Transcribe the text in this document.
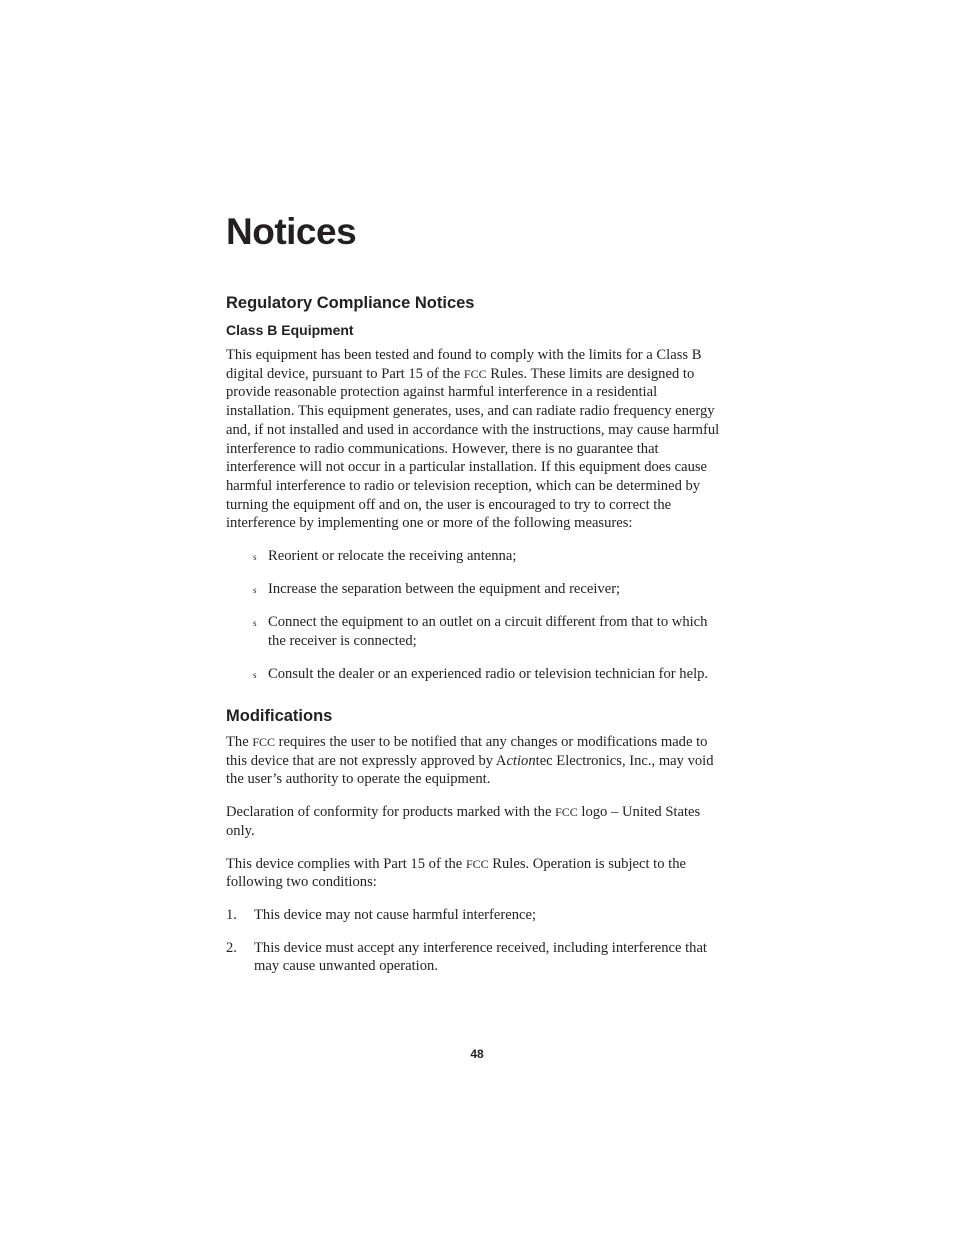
Notices
Regulatory Compliance Notices
Class B Equipment

This equipment has been tested and found to comply with the limits for a Class B digital device, pursuant to Part 15 of the FCC Rules. These limits are designed to provide reasonable protection against harmful interference in a residential installation. This equipment generates, uses, and can radiate radio frequency energy and, if not installed and used in accordance with the instructions, may cause harmful interference to radio communications. However, there is no guarantee that interference will not occur in a particular installation. If this equipment does cause harmful interference to radio or television reception, which can be determined by turning the equipment off and on, the user is encouraged to try to correct the interference by implementing one or more of the following measures:

s Reorient or relocate the receiving antenna;
s Increase the separation between the equipment and receiver;
s Connect the equipment to an outlet on a circuit different from that to which the receiver is connected;
s Consult the dealer or an experienced radio or television technician for help.
Modifications

The FCC requires the user to be notified that any changes or modifications made to this device that are not expressly approved by Actiontec Electronics, Inc., may void the user’s authority to operate the equipment.

Declaration of conformity for products marked with the FCC logo – United States only.

This device complies with Part 15 of the FCC Rules. Operation is subject to the following two conditions:

1. This device may not cause harmful interference;
2. This device must accept any interference received, including interference that may cause unwanted operation.
48
